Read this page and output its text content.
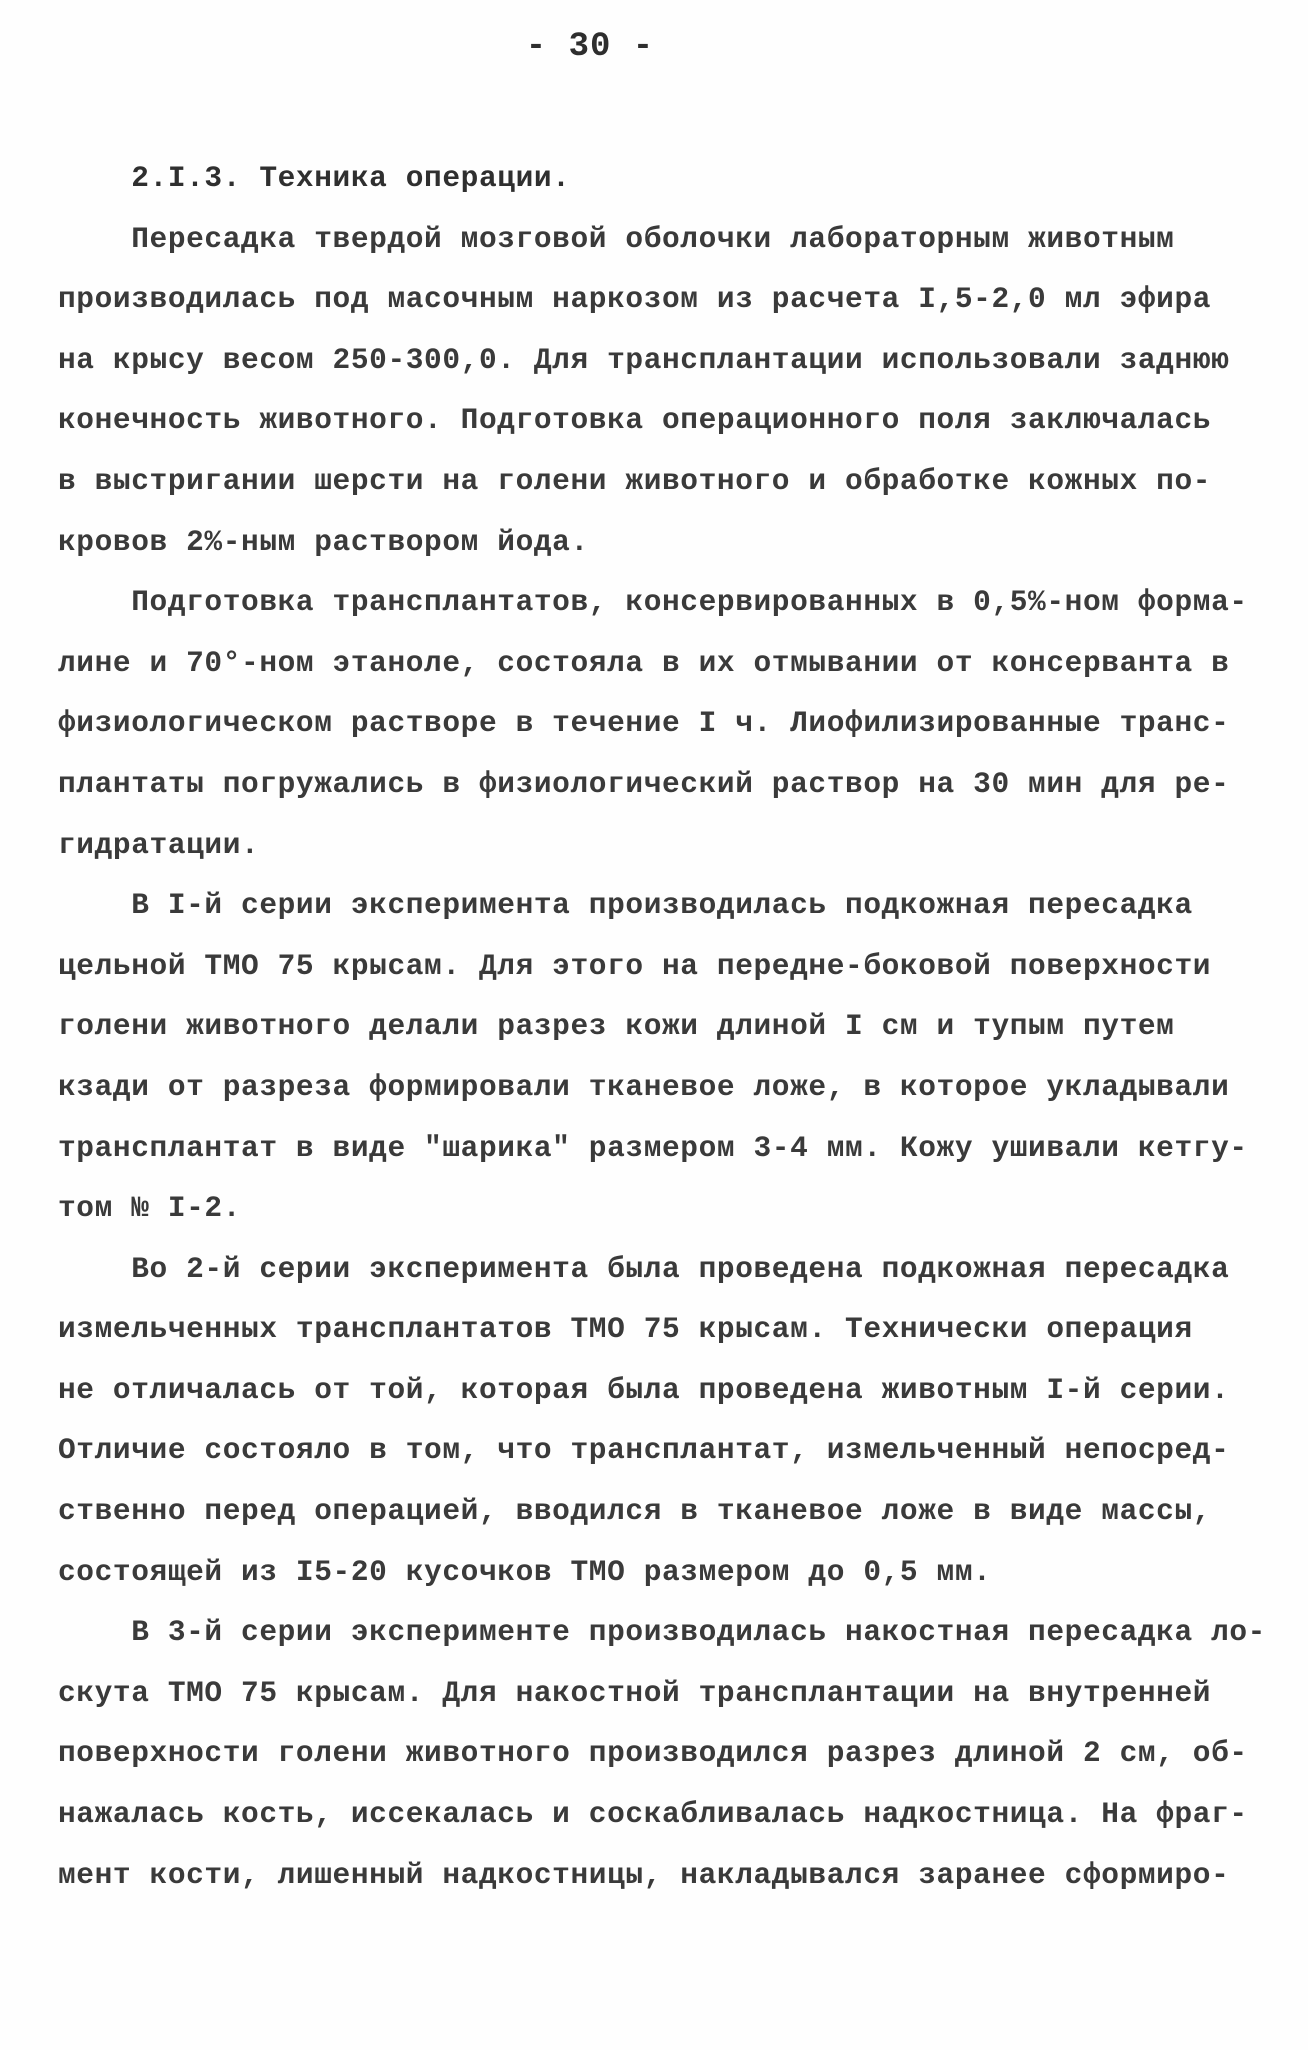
- 30 -
2.I.3. Техника операции.
Пересадка твердой мозговой оболочки лабораторным животным
производилась под масочным наркозом из расчета I,5-2,0 мл эфира
на крысу весом 250-300,0. Для трансплантации использовали заднюю
конечность животного. Подготовка операционного поля заключалась
в выстригании шерсти на голени животного и обработке кожных по-
кровов 2%-ным раствором йода.
Подготовка трансплантатов, консервированных в 0,5%-ном форма-
лине и 70°-ном этаноле, состояла в их отмывании от консерванта в
физиологическом растворе в течение I ч. Лиофилизированные транс-
плантаты погружались в физиологический раствор на 30 мин для ре-
гидратации.
В I-й серии эксперимента производилась подкожная пересадка
цельной ТМО 75 крысам. Для этого на передне-боковой поверхности
голени животного делали разрез кожи длиной I см и тупым путем
кзади от разреза формировали тканевое ложе, в которое укладывали
трансплантат в виде "шарика" размером 3-4 мм. Кожу ушивали кетгу-
том № I-2.
Во 2-й серии эксперимента была проведена подкожная пересадка
измельченных трансплантатов ТМО 75 крысам. Технически операция
не отличалась от той, которая была проведена животным I-й серии.
Отличие состояло в том, что трансплантат, измельченный непосред-
ственно перед операцией, вводился в тканевое ложе в виде массы,
состоящей из I5-20 кусочков ТМО размером до 0,5 мм.
В 3-й серии эксперименте производилась накостная пересадка ло-
скута ТМО 75 крысам. Для накостной трансплантации на внутренней
поверхности голени животного производился разрез длиной 2 см, об-
нажалась кость, иссекалась и соскабливалась надкостница. На фраг-
мент кости, лишенный надкостницы, накладывался заранее сформиро-
